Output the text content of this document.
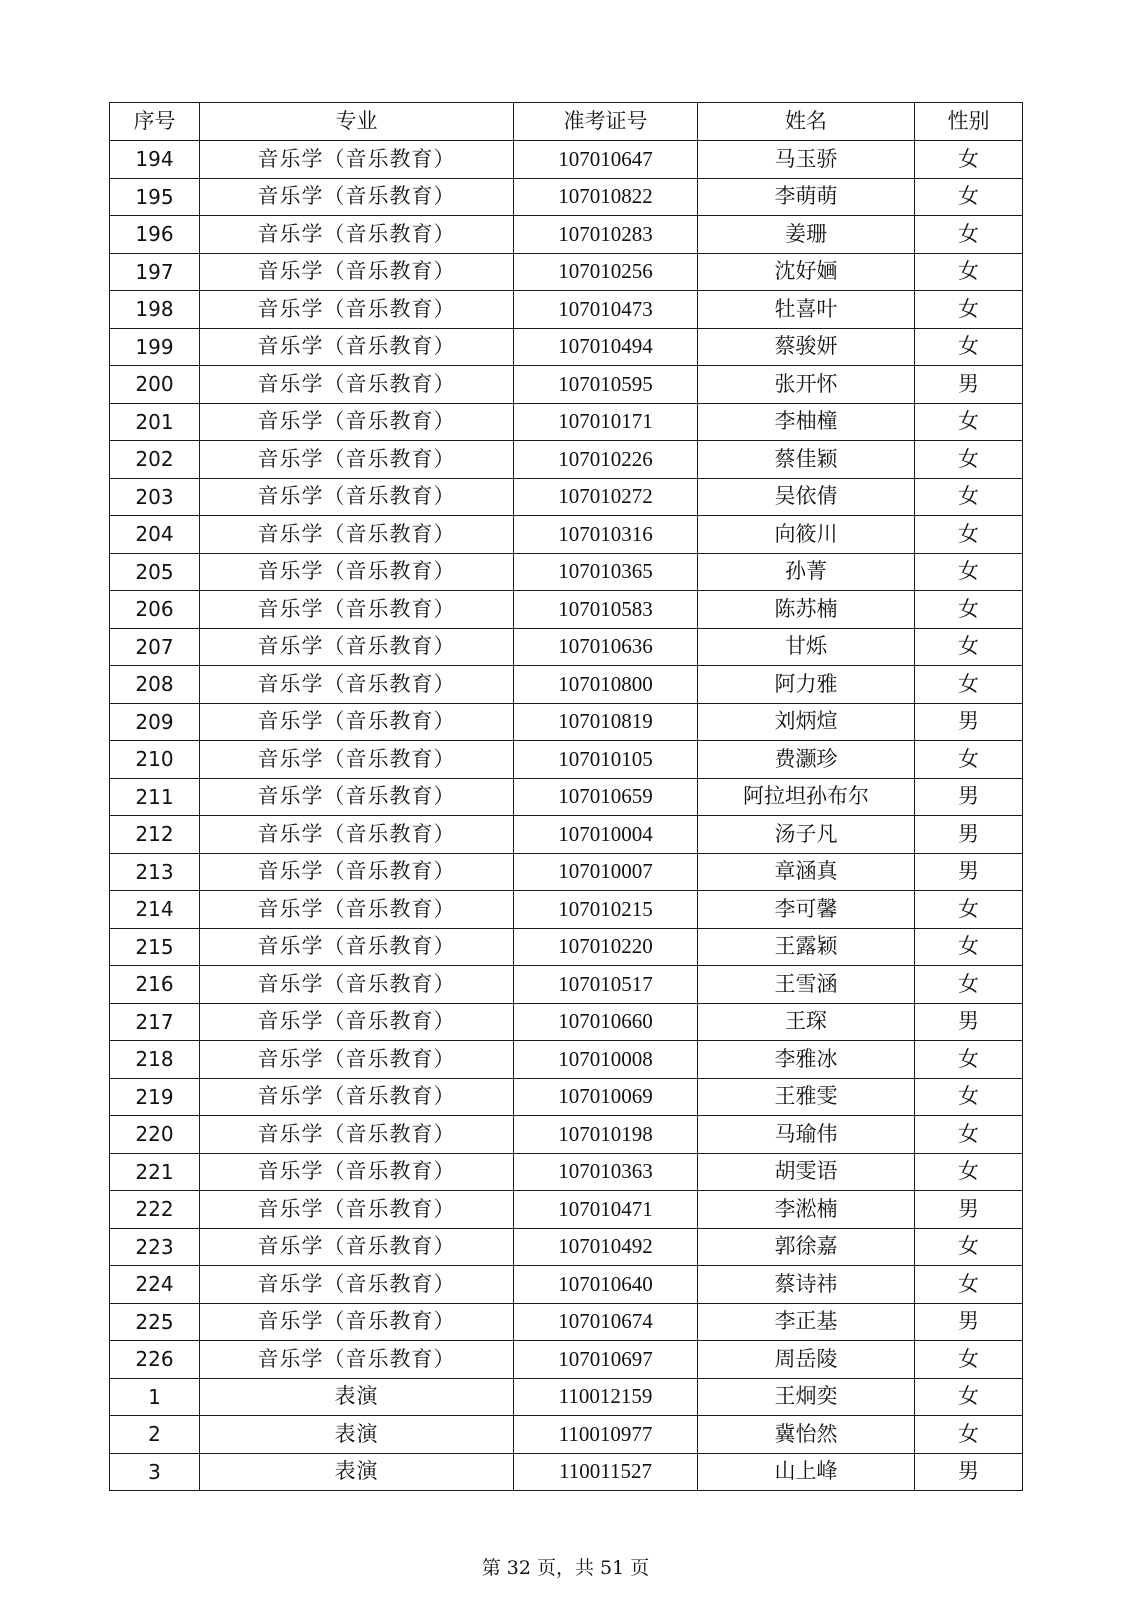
序号	专业	准考证号	姓名	性别
194	音乐学（音乐教育）	107010647	马玉骄	女
195	音乐学（音乐教育）	107010822	李萌萌	女
196	音乐学（音乐教育）	107010283	姜珊	女
197	音乐学（音乐教育）	107010256	沈好婳	女
198	音乐学（音乐教育）	107010473	牡喜叶	女
199	音乐学（音乐教育）	107010494	蔡骏妍	女
200	音乐学（音乐教育）	107010595	张开怀	男
201	音乐学（音乐教育）	107010171	李柚橦	女
202	音乐学（音乐教育）	107010226	蔡佳颖	女
203	音乐学（音乐教育）	107010272	吴依倩	女
204	音乐学（音乐教育）	107010316	向筱川	女
205	音乐学（音乐教育）	107010365	孙菁	女
206	音乐学（音乐教育）	107010583	陈苏楠	女
207	音乐学（音乐教育）	107010636	甘烁	女
208	音乐学（音乐教育）	107010800	阿力雅	女
209	音乐学（音乐教育）	107010819	刘炳煊	男
210	音乐学（音乐教育）	107010105	费灏珍	女
211	音乐学（音乐教育）	107010659	阿拉坦孙布尔	男
212	音乐学（音乐教育）	107010004	汤子凡	男
213	音乐学（音乐教育）	107010007	章涵真	男
214	音乐学（音乐教育）	107010215	李可馨	女
215	音乐学（音乐教育）	107010220	王露颖	女
216	音乐学（音乐教育）	107010517	王雪涵	女
217	音乐学（音乐教育）	107010660	王琛	男
218	音乐学（音乐教育）	107010008	李雅冰	女
219	音乐学（音乐教育）	107010069	王雅雯	女
220	音乐学（音乐教育）	107010198	马瑜伟	女
221	音乐学（音乐教育）	107010363	胡雯语	女
222	音乐学（音乐教育）	107010471	李淞楠	男
223	音乐学（音乐教育）	107010492	郭徐嘉	女
224	音乐学（音乐教育）	107010640	蔡诗祎	女
225	音乐学（音乐教育）	107010674	李正基	男
226	音乐学（音乐教育）	107010697	周岳陵	女
1	表演	110012159	王炯奕	女
2	表演	110010977	冀怡然	女
3	表演	110011527	山上峰	男
第 32 页，共 51 页
